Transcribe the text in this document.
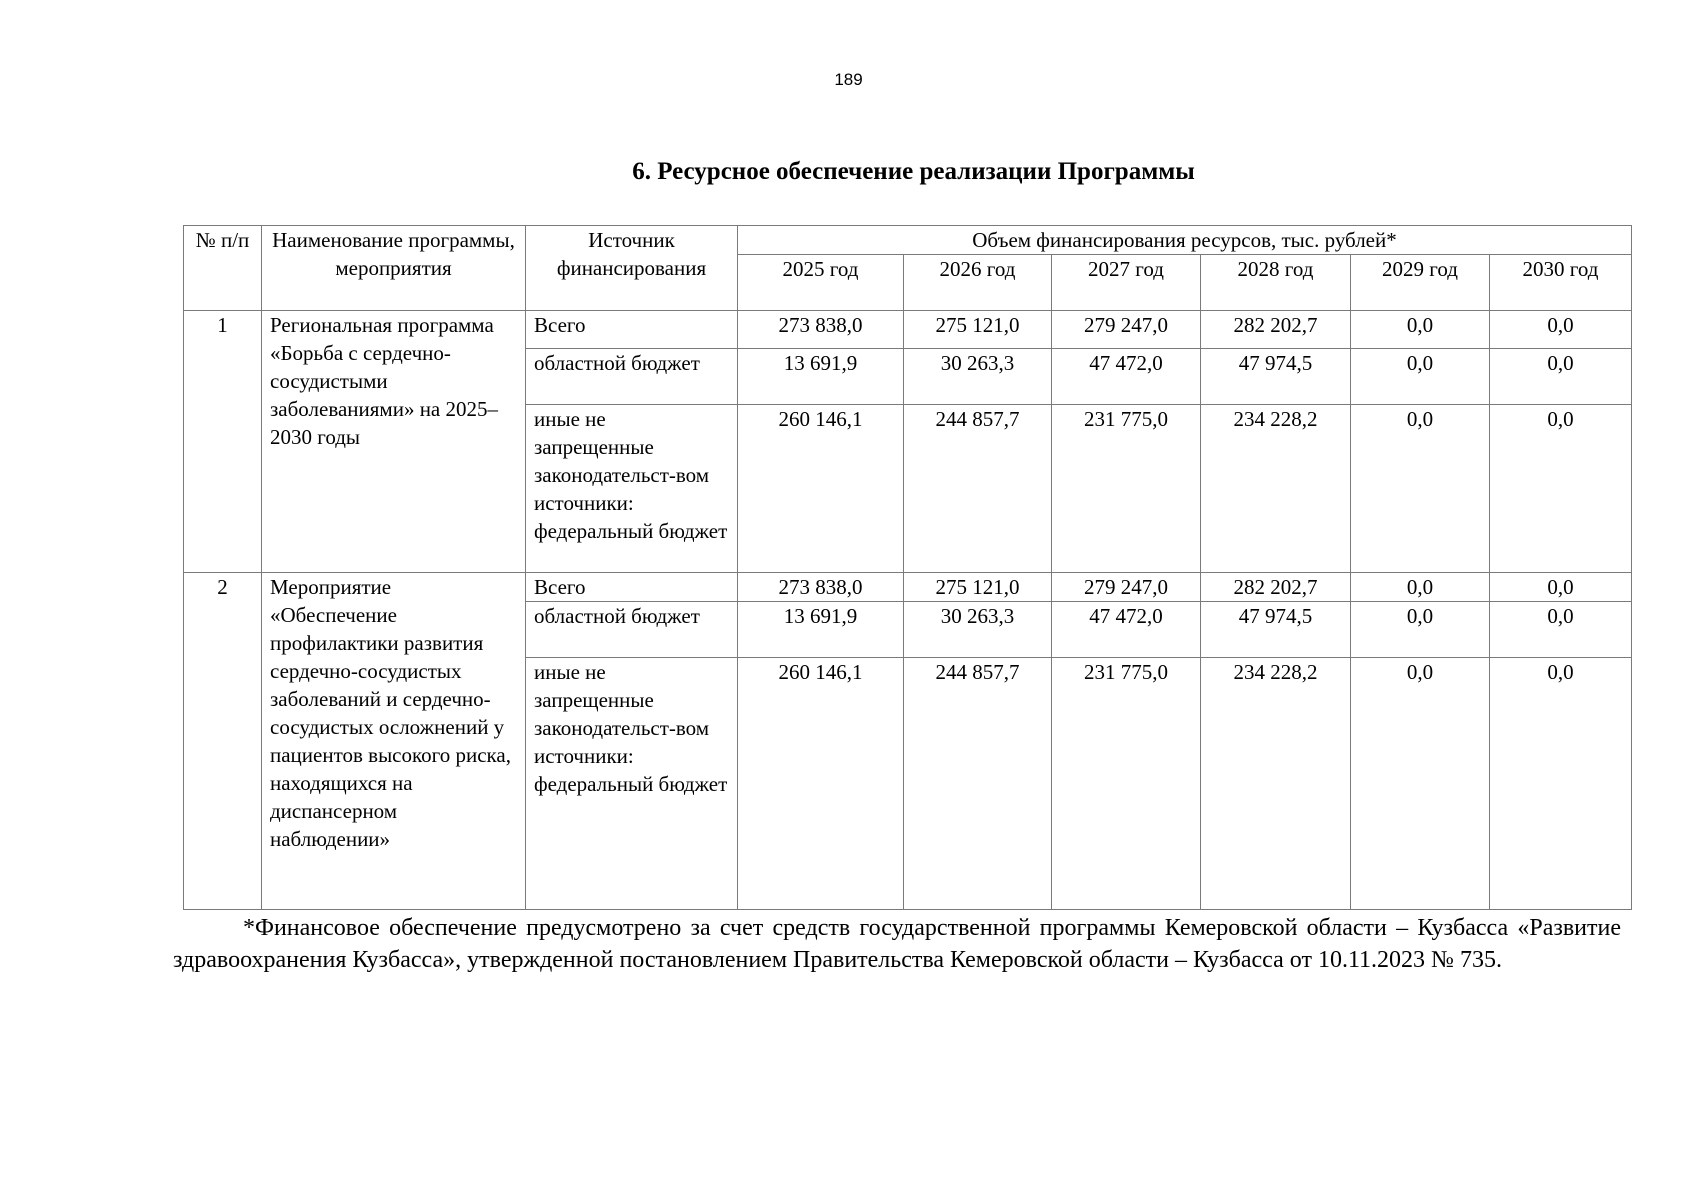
189
6. Ресурсное обеспечение реализации Программы
№ п/п	Наименование программы, мероприятия	Источник финансирования	Объем финансирования ресурсов, тыс. рублей*					
			2025 год	2026 год	2027 год	2028 год	2029 год	2030 год
1	Региональная программа «Борьба с сердечно-сосудистыми заболеваниями» на 2025–2030 годы	Всего	273 838,0	275 121,0	279 247,0	282 202,7	0,0	0,0
		областной бюджет	13 691,9	30 263,3	47 472,0	47 974,5	0,0	0,0
		иные не запрещенные законодательст-вом источники: федеральный бюджет	260 146,1	244 857,7	231 775,0	234 228,2	0,0	0,0
2	Мероприятие «Обеспечение профилактики развития сердечно-сосудистых заболеваний и сердечно-сосудистых осложнений у пациентов высокого риска, находящихся на диспансерном наблюдении»	Всего	273 838,0	275 121,0	279 247,0	282 202,7	0,0	0,0
		областной бюджет	13 691,9	30 263,3	47 472,0	47 974,5	0,0	0,0
		иные не запрещенные законодательст-вом источники: федеральный бюджет	260 146,1	244 857,7	231 775,0	234 228,2	0,0	0,0
*Финансовое обеспечение предусмотрено за счет средств государственной программы Кемеровской области – Кузбасса «Развитие здравоохранения Кузбасса», утвержденной постановлением Правительства Кемеровской области – Кузбасса от 10.11.2023 № 735.
